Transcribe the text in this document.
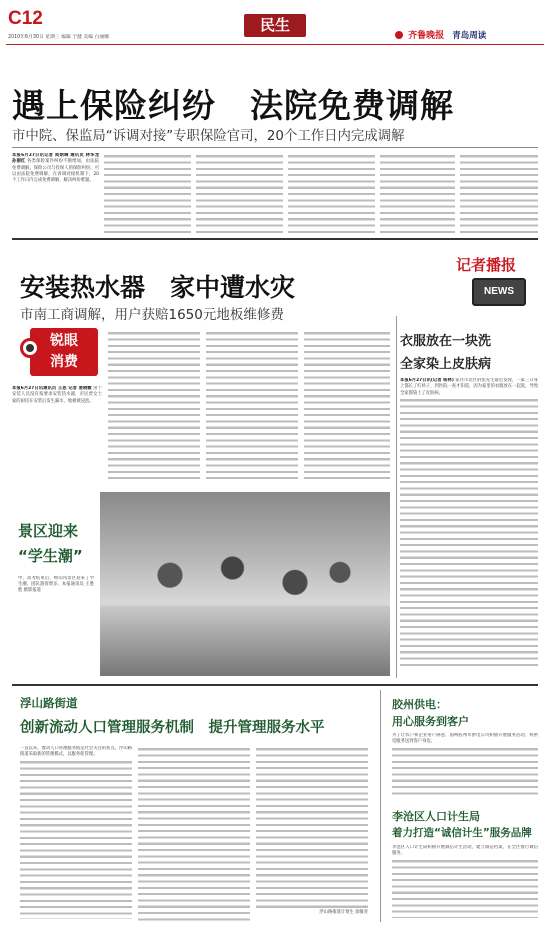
C12
2010年6月30日 星期三 编辑 于健 美编 白丽娜
民生
齐鲁晚报 青岛周读
遇上保险纠纷　法院免费调解
市中院、保监局“诉调对接”专职保险官司，20个工作日内完成调解
本报6月27日讯记者 周炳琳 通讯员 林华龙 孙丽红 各类保险案件纠纷不断增加，由法院免费调解；保险公司与投保人的保险纠纷，可以由法院免费调解，在诉调对接机制下，20个工作日内完成免费调解，解决纠纷难题。
安装热水器　家中遭水灾
市南工商调解，用户获赔1650元地板维修费
锐眼
消费
本报6月27日讯通讯员 王思 记者 姜晓敏 由于安装人员没有按要求安装热水器，市民贾女士家的厨房在安装后发生漏水，地板被浸泡。
景区迎来
“学生潮”
中、高考结束后，崂山风景区迎来了学生潮，团队游客增多。本报通讯员 王胜胜 摄影报道
记者播报
NEWS
衣服放在一块洗
全家染上皮肤病
本报6月27日讯(记者 杨林) 家住市北区的张先生最近发现，一家三口身上都长了红疹子，到医院一查才知道，因为家里的衣服放在一起洗，导致全家都染上了皮肤病。
浮山路街道
创新流动人口管理服务机制　提升管理服务水平
一直以来，流动人口管理服务既是社会关注的焦点，浮山路街道采取新的管理模式，以服务促管理。
浮山路街道计划生 徐敏青
胶州供电：
用心服务到客户
为了让农户和企业用户满意，国网胶州市供电公司积极开展服务活动，将供电服务送到客户身边。
李沧区人口计生局
着力打造“诚信计生”服务品牌
李沧区人口计生局积极开展诚信计生活动，建立诚信档案，在全区推行诚信服务。
